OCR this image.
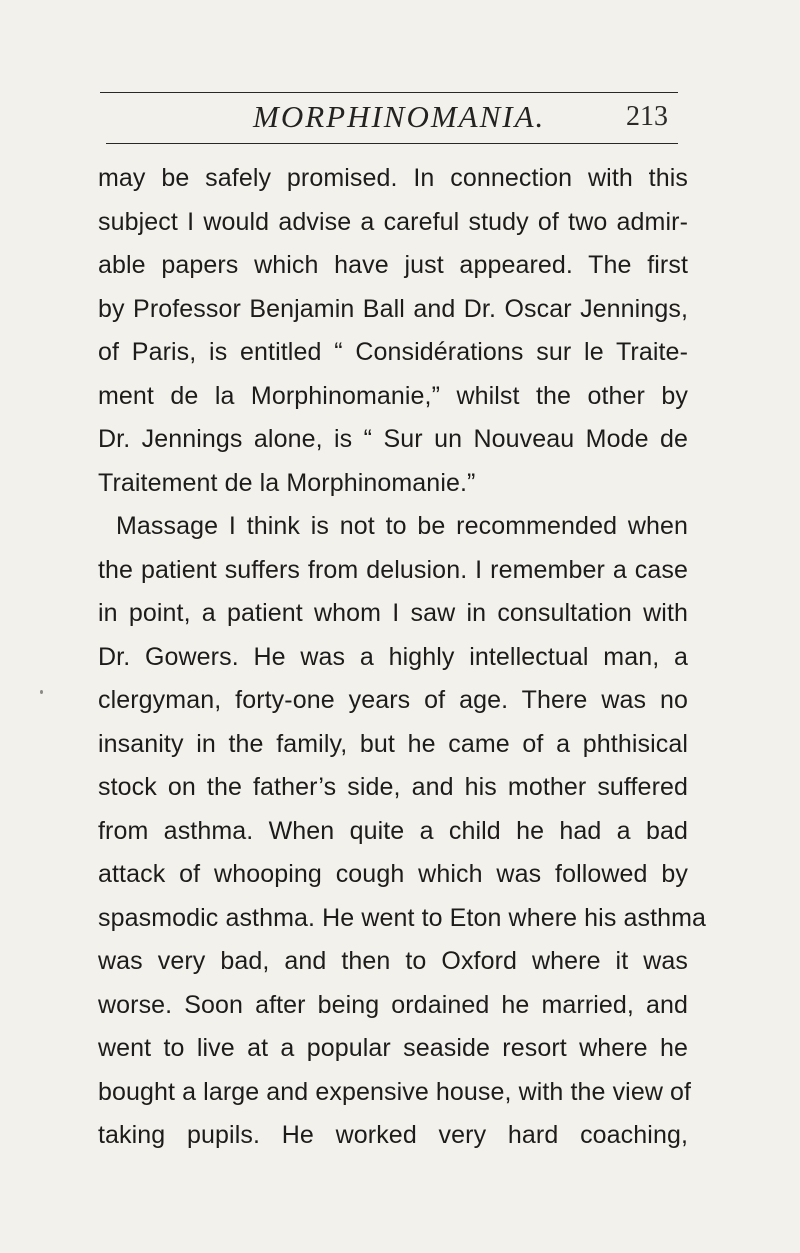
MORPHINOMANIA.	213
may be safely promised. In connection with this
subject I would advise a careful study of two admir-
able papers which have just appeared. The first
by Professor Benjamin Ball and Dr. Oscar Jennings,
of Paris, is entitled “ Considérations sur le Traite-
ment de la Morphinomanie,” whilst the other by
Dr. Jennings alone, is “ Sur un Nouveau Mode de
Traitement de la Morphinomanie.”
Massage I think is not to be recommended when
the patient suffers from delusion. I remember a case
in point, a patient whom I saw in consultation with
Dr. Gowers. He was a highly intellectual man, a
clergyman, forty-one years of age. There was no
insanity in the family, but he came of a phthisical
stock on the father’s side, and his mother suffered
from asthma. When quite a child he had a bad
attack of whooping cough which was followed by
spasmodic asthma. He went to Eton where his asthma
was very bad, and then to Oxford where it was
worse. Soon after being ordained he married, and
went to live at a popular seaside resort where he
bought a large and expensive house, with the view of
taking pupils. He worked very hard coaching,
